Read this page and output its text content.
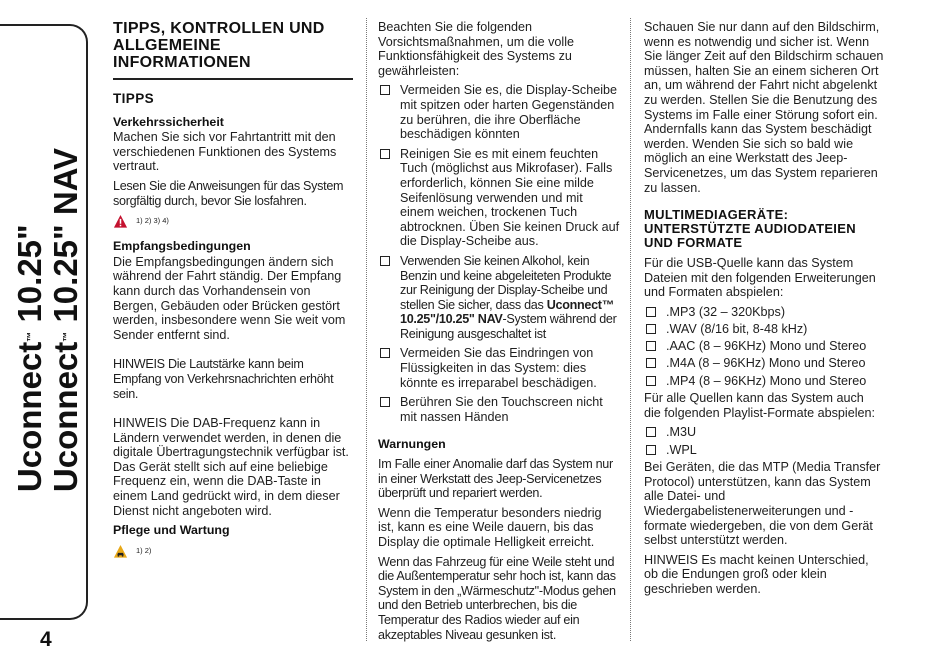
Uconnect™ 10.25"
Uconnect™ 10.25" NAV
4
TIPPS, KONTROLLEN UND ALLGEMEINE INFORMATIONEN
TIPPS
Verkehrssicherheit

Machen Sie sich vor Fahrtantritt mit den verschiedenen Funktionen des Systems vertraut.

Lesen Sie die Anweisungen für das System sorgfältig durch, bevor Sie losfahren.

1) 2) 3) 4)
Empfangsbedingungen

Die Empfangsbedingungen ändern sich während der Fahrt ständig. Der Empfang kann durch das Vorhandensein von Bergen, Gebäuden oder Brücken gestört werden, insbesondere wenn Sie weit vom Sender entfernt sind.

HINWEIS Die Lautstärke kann beim Empfang von Verkehrsnachrichten erhöht sein.

HINWEIS Die DAB-Frequenz kann in Ländern verwendet werden, in denen die digitale Übertragungstechnik verfügbar ist. Das Gerät stellt sich auf eine beliebige Frequenz ein, wenn die DAB-Taste in einem Land gedrückt wird, in dem dieser Dienst nicht angeboten wird.

Pflege und Wartung
1) 2)

Beachten Sie die folgenden Vorsichtsmaßnahmen, um die volle Funktionsfähigkeit des Systems zu gewährleisten:

Vermeiden Sie es, die Display-Scheibe mit spitzen oder harten Gegenständen zu berühren, die ihre Oberfläche beschädigen könnten
Reinigen Sie es mit einem feuchten Tuch (möglichst aus Mikrofaser). Falls erforderlich, können Sie eine milde Seifenlösung verwenden und mit einem weichen, trockenen Tuch abtrocknen. Üben Sie keinen Druck auf die Display-Scheibe aus.
Verwenden Sie keinen Alkohol, kein Benzin und keine abgeleiteten Produkte zur Reinigung der Display-Scheibe und stellen Sie sicher, dass das Uconnect™ 10.25"/10.25" NAV-System während der Reinigung ausgeschaltet ist
Vermeiden Sie das Eindringen von Flüssigkeiten in das System: dies könnte es irreparabel beschädigen.
Berühren Sie den Touchscreen nicht mit nassen Händen
Warnungen

Im Falle einer Anomalie darf das System nur in einer Werkstatt des Jeep-Servicenetzes überprüft und repariert werden.

Wenn die Temperatur besonders niedrig ist, kann es eine Weile dauern, bis das Display die optimale Helligkeit erreicht.

Wenn das Fahrzeug für eine Weile steht und die Außentemperatur sehr hoch ist, kann das System in den „Wärmeschutz"-Modus gehen und den Betrieb unterbrechen, bis die Temperatur des Radios wieder auf ein akzeptables Niveau gesunken ist.

Schauen Sie nur dann auf den Bildschirm, wenn es notwendig und sicher ist. Wenn Sie länger Zeit auf den Bildschirm schauen müssen, halten Sie an einem sicheren Ort an, um während der Fahrt nicht abgelenkt zu werden. Stellen Sie die Benutzung des Systems im Falle einer Störung sofort ein. Andernfalls kann das System beschädigt werden. Wenden Sie sich so bald wie möglich an eine Werkstatt des Jeep-Servicenetzes, um das System reparieren zu lassen.

MULTIMEDIAGERÄTE: UNTERSTÜTZTE AUDIODATEIEN UND FORMATE

Für die USB-Quelle kann das System Dateien mit den folgenden Erweiterungen und Formaten abspielen:

.MP3 (32 – 320Kbps)
.WAV (8/16 bit, 8-48 kHz)
.AAC (8 – 96KHz) Mono und Stereo
.M4A (8 – 96KHz) Mono und Stereo
.MP4 (8 – 96KHz) Mono und Stereo

Für alle Quellen kann das System auch die folgenden Playlist-Formate abspielen:

.M3U
.WPL

Bei Geräten, die das MTP (Media Transfer Protocol) unterstützen, kann das System alle Datei- und Wiedergabelistenerweiterungen und -formate wiedergeben, die von dem Gerät selbst unterstützt werden.

HINWEIS Es macht keinen Unterschied, ob die Endungen groß oder klein geschrieben werden.
